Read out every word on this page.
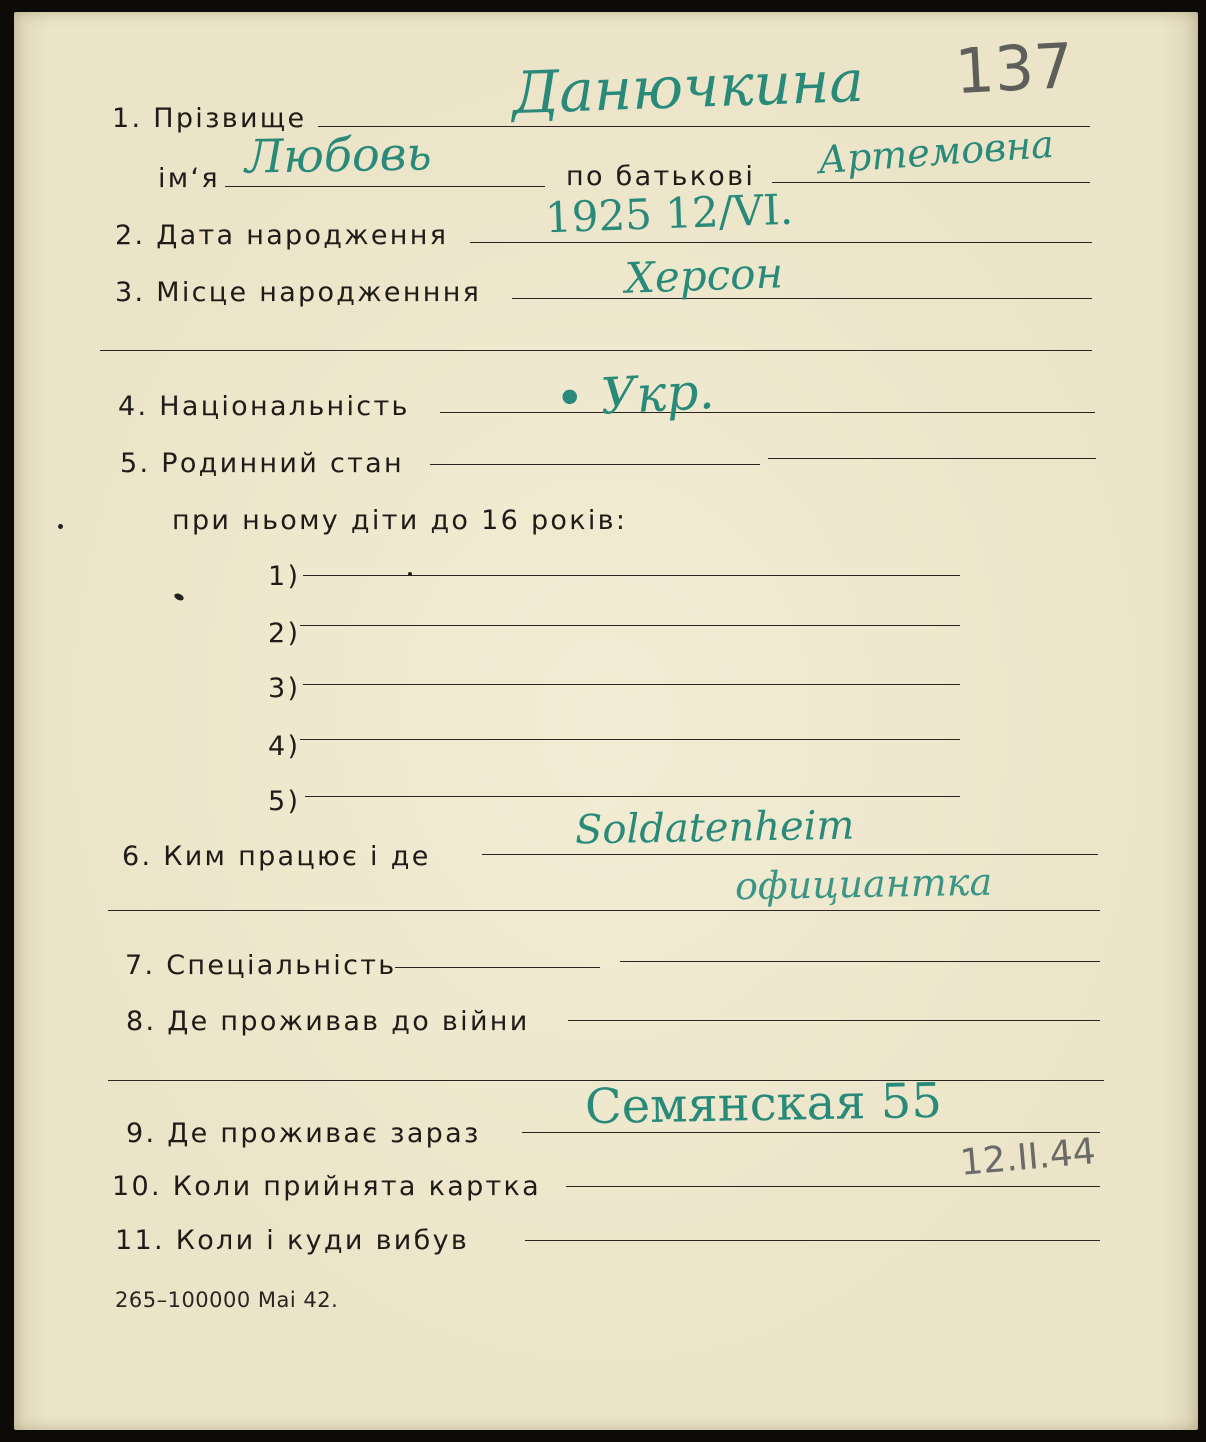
137
1. Прізвище	Данючкина
ім‘я Любовь	по батькові Артемовна
2. Дата народження 1925 12/VI.
3. Місце народженння	Херсон
4. Національність	• Укр.
5. Родинний стан
при ньому діти до 16 років:
1)
2)
3)
4)
5)
6. Ким працює і де
Soldatenheim
официантка
7. Спеціальність
8. Де проживав до війни
9. Де проживає зараз Семянская 55
10. Коли прийнята картка
12.II.44
11. Коли і куди вибув
265–100000 Mai 42.
